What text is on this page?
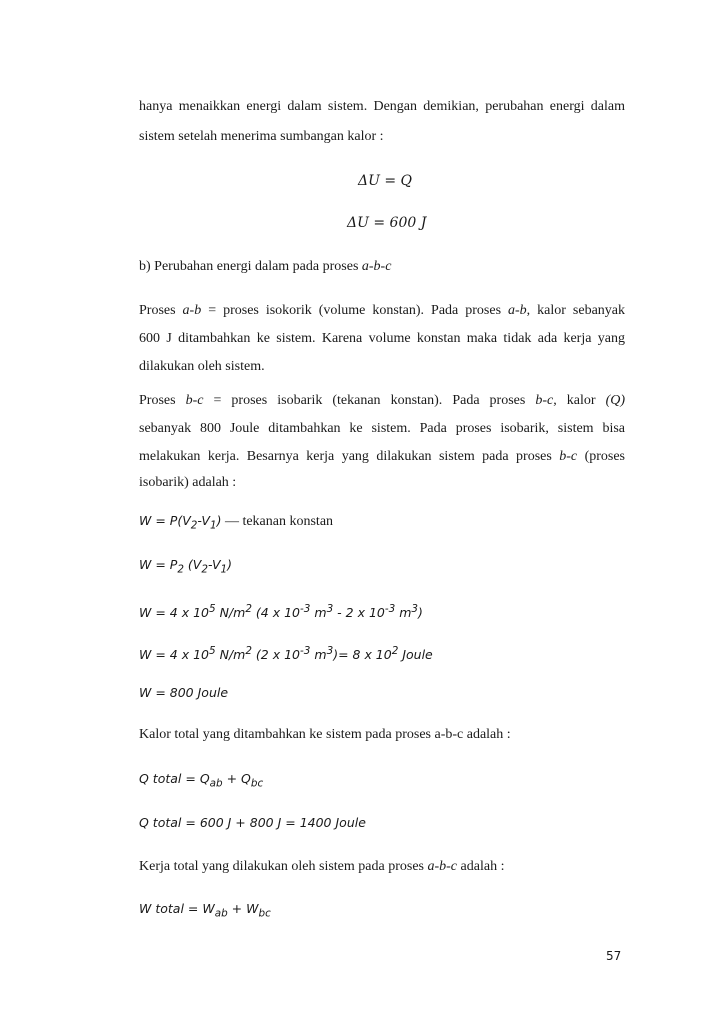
hanya menaikkan energi dalam sistem. Dengan demikian, perubahan energi dalam
sistem setelah menerima sumbangan kalor :
ΔU = Q
ΔU = 600 J
b) Perubahan energi dalam pada proses a-b-c
Proses a-b = proses isokorik (volume konstan). Pada proses a-b, kalor sebanyak
600 J ditambahkan ke sistem. Karena volume konstan maka tidak ada kerja yang
dilakukan oleh sistem.
Proses b-c = proses isobarik (tekanan konstan). Pada proses b-c, kalor (Q)
sebanyak 800 Joule ditambahkan ke sistem. Pada proses isobarik, sistem bisa
melakukan kerja. Besarnya kerja yang dilakukan sistem pada proses b-c (proses
isobarik) adalah :
$W = P(V_2-V_1)$ — tekanan konstan
$W = P_2$ $(V_2-V_1)$
W = 4 x $10^5$ $N/m^2$ (4 x $10^{-3}$ $m^3 - 2$ x $10^{-3}$ $m^3$)
W = 4 x $10^5$ $N/m^2$ (2 x $10^{-3}$ $m^3)= 8$ x $10^2$ Joule
W = 800 Joule
Kalor total yang ditambahkan ke sistem pada proses a-b-c adalah :
Q total = $Q_{ab} + Q_{bc}$
Q total = 600 J + 800 J = 1400 Joule
Kerja total yang dilakukan oleh sistem pada proses a-b-c adalah :
W total = $W_{ab} + W_{bc}$
57
